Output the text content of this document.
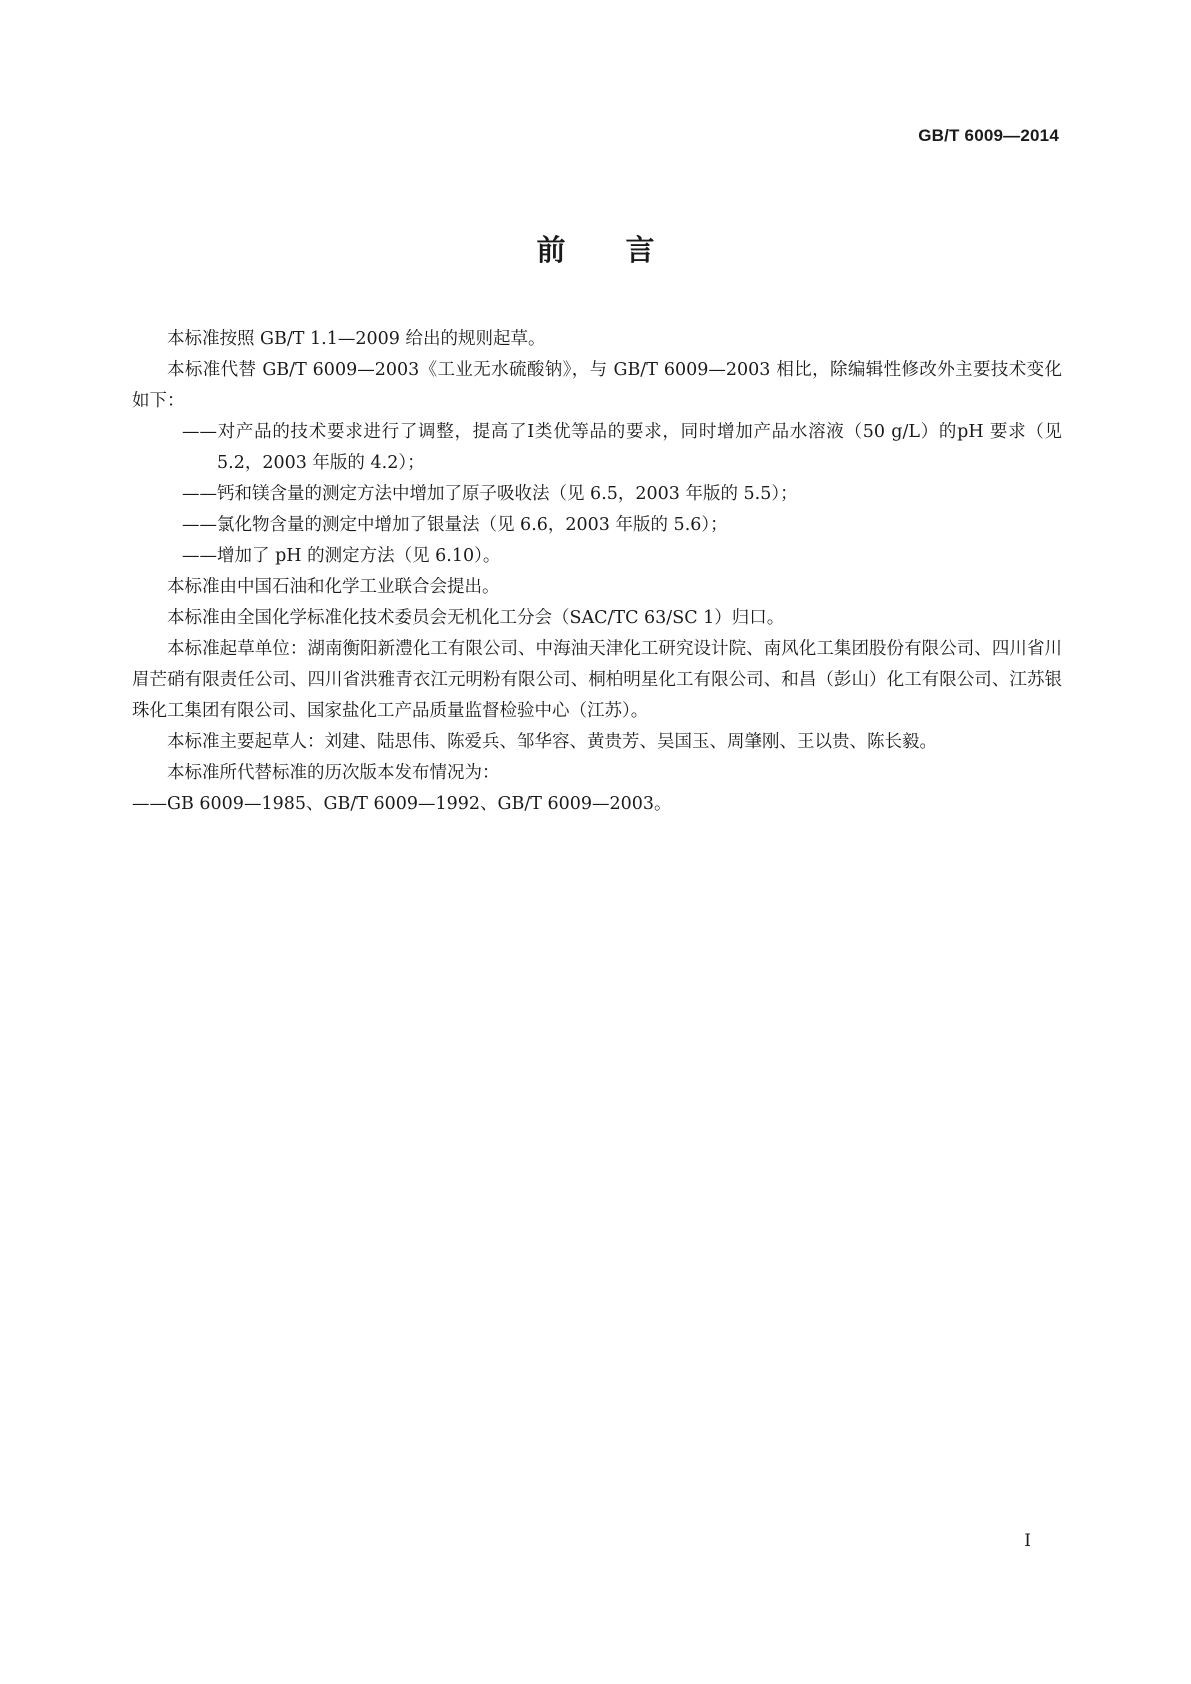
GB/T 6009—2014
前言

本标准按照 GB/T 1.1—2009 给出的规则起草。

本标准代替 GB/T 6009—2003《工业无水硫酸钠》，与 GB/T 6009—2003 相比，除编辑性修改外主要技术变化如下：

——对产品的技术要求进行了调整，提高了Ⅰ类优等品的要求，同时增加产品水溶液（50 g/L）的pH 要求（见 5.2，2003 年版的 4.2）；

——钙和镁含量的测定方法中增加了原子吸收法（见 6.5，2003 年版的 5.5）；

——氯化物含量的测定中增加了银量法（见 6.6，2003 年版的 5.6）；

——增加了 pH 的测定方法（见 6.10）。

本标准由中国石油和化学工业联合会提出。

本标准由全国化学标准化技术委员会无机化工分会（SAC/TC 63/SC 1）归口。

本标准起草单位：湖南衡阳新澧化工有限公司、中海油天津化工研究设计院、南风化工集团股份有限公司、四川省川眉芒硝有限责任公司、四川省洪雅青衣江元明粉有限公司、桐柏明星化工有限公司、和昌（彭山）化工有限公司、江苏银珠化工集团有限公司、国家盐化工产品质量监督检验中心（江苏）。

本标准主要起草人：刘建、陆思伟、陈爱兵、邹华容、黄贵芳、吴国玉、周肇刚、王以贵、陈长毅。

本标准所代替标准的历次版本发布情况为：

——GB 6009—1985、GB/T 6009—1992、GB/T 6009—2003。

I
